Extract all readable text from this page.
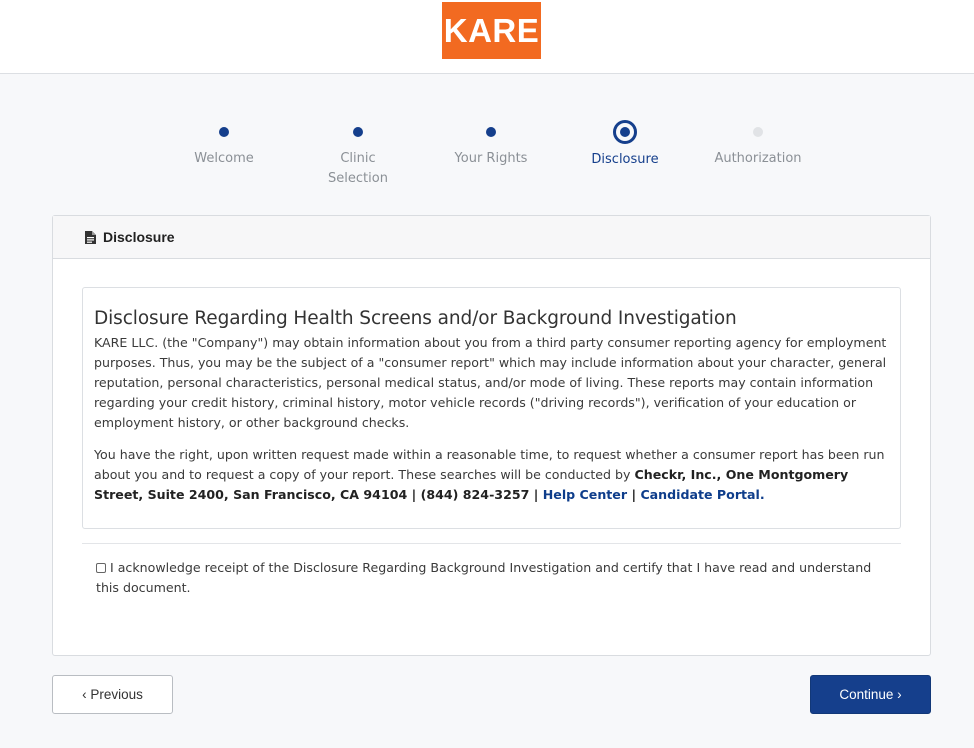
KARE
Welcome	Clinic Selection
Your Rights	Disclosure	Authorization
Disclosure
Disclosure Regarding Health Screens and/or Background Investigation

KARE LLC. (the "Company") may obtain information about you from a third party consumer reporting agency for employment purposes. Thus, you may be the subject of a "consumer report" which may include information about your character, general reputation, personal characteristics, personal medical status, and/or mode of living. These reports may contain information regarding your credit history, criminal history, motor vehicle records ("driving records"), verification of your education or employment history, or other background checks.

You have the right, upon written request made within a reasonable time, to request whether a consumer report has been run about you and to request a copy of your report. These searches will be conducted by Checkr, Inc., One Montgomery Street, Suite 2400, San Francisco, CA 94104 | (844) 824-3257 | Help Center | Candidate Portal.

I acknowledge receipt of the Disclosure Regarding Background Investigation and certify that I have read and understand this document.
‹ Previous	Continue ›
